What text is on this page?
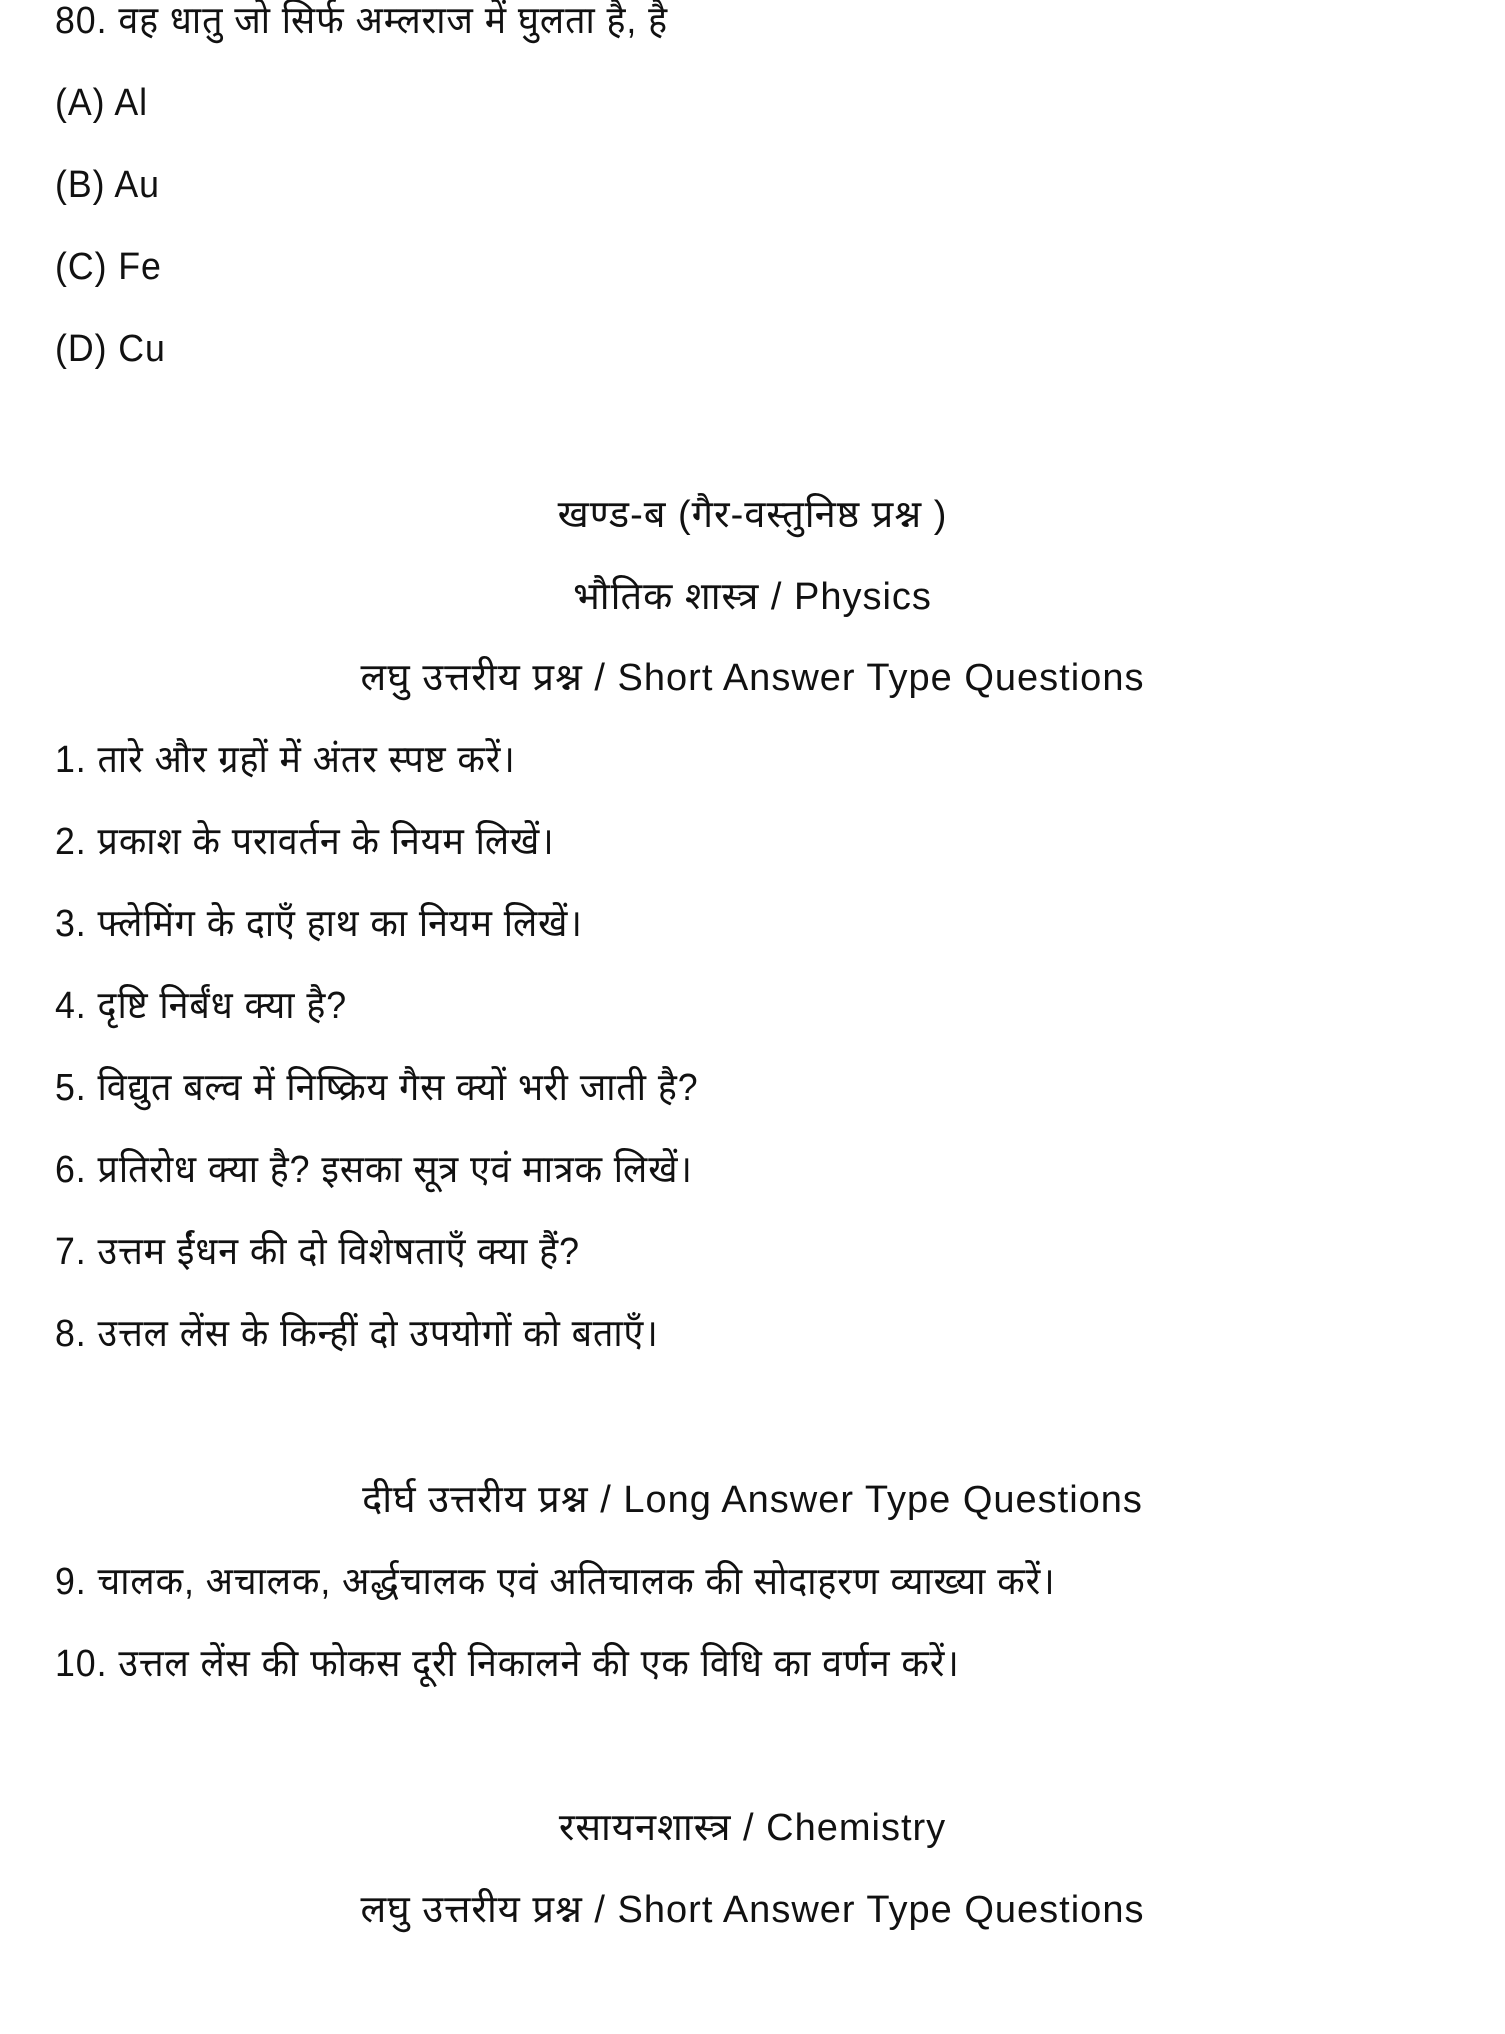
80. वह धातु जो सिर्फ अम्लराज में घुलता है, है
(A) Al
(B) Au
(C) Fe
(D) Cu
खण्ड-ब (गैर-वस्तुनिष्ठ प्रश्न )
भौतिक शास्त्र / Physics
लघु उत्तरीय प्रश्न / Short Answer Type Questions
1. तारे और ग्रहों में अंतर स्पष्ट करें।
2. प्रकाश के परावर्तन के नियम लिखें।
3. फ्लेमिंग के दाएँ हाथ का नियम लिखें।
4. दृष्टि निर्बंध क्या है?
5. विद्युत बल्व में निष्क्रिय गैस क्यों भरी जाती है?
6. प्रतिरोध क्या है? इसका सूत्र एवं मात्रक लिखें।
7. उत्तम ईंधन की दो विशेषताएँ क्या हैं?
8. उत्तल लेंस के किन्हीं दो उपयोगों को बताएँ।
दीर्घ उत्तरीय प्रश्न / Long Answer Type Questions
9. चालक, अचालक, अर्द्धचालक एवं अतिचालक की सोदाहरण व्याख्या करें।
10. उत्तल लेंस की फोकस दूरी निकालने की एक विधि का वर्णन करें।
रसायनशास्त्र / Chemistry
लघु उत्तरीय प्रश्न / Short Answer Type Questions
